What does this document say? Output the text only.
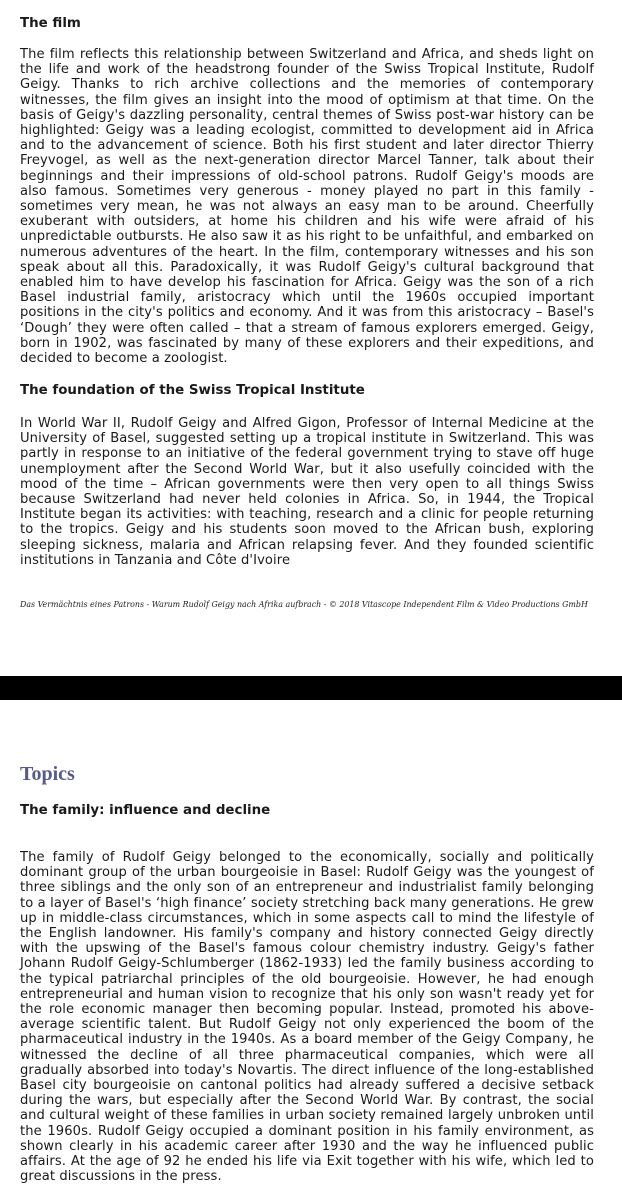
The film

The film reflects this relationship between Switzerland and Africa, and sheds light on the life and work of the headstrong founder of the Swiss Tropical Institute, Rudolf Geigy. Thanks to rich archive collections and the memories of contemporary witnesses, the film gives an insight into the mood of optimism at that time. On the basis of Geigy's dazzling personality, central themes of Swiss post-war history can be highlighted: Geigy was a leading ecologist, committed to development aid in Africa and to the advancement of science. Both his first student and later director Thierry Freyvogel, as well as the next-generation director Marcel Tanner, talk about their beginnings and their impressions of old-school patrons. Rudolf Geigy's moods are also famous. Sometimes very generous - money played no part in this family - sometimes very mean, he was not always an easy man to be around. Cheerfully exuberant with outsiders, at home his children and his wife were afraid of his unpredictable outbursts. He also saw it as his right to be unfaithful, and embarked on numerous adventures of the heart. In the film, contemporary witnesses and his son speak about all this. Paradoxically, it was Rudolf Geigy's cultural background that enabled him to have develop his fascination for Africa. Geigy was the son of a rich Basel industrial family, aristocracy which until the 1960s occupied important positions in the city's politics and economy. And it was from this aristocracy – Basel's ‘Dough’ they were often called – that a stream of famous explorers emerged. Geigy, born in 1902, was fascinated by many of these explorers and their expeditions, and decided to become a zoologist.

The foundation of the Swiss Tropical Institute

In World War II, Rudolf Geigy and Alfred Gigon, Professor of Internal Medicine at the University of Basel, suggested setting up a tropical institute in Switzerland. This was partly in response to an initiative of the federal government trying to stave off huge unemployment after the Second World War, but it also usefully coincided with the mood of the time – African governments were then very open to all things Swiss because Switzerland had never held colonies in Africa. So, in 1944, the Tropical Institute began its activities: with teaching, research and a clinic for people returning to the tropics. Geigy and his students soon moved to the African bush, exploring sleeping sickness, malaria and African relapsing fever. And they founded scientific institutions in Tanzania and Côte d'Ivoire

Das Vermächtnis eines Patrons - Warum Rudolf Geigy nach Afrika aufbrach - © 2018 Vitascope Independent Film & Video Productions GmbH
Topics
The family: influence and decline

The family of Rudolf Geigy belonged to the economically, socially and politically dominant group of the urban bourgeoisie in Basel: Rudolf Geigy was the youngest of three siblings and the only son of an entrepreneur and industrialist family belonging to a layer of Basel's ‘high finance’ society stretching back many generations. He grew up in middle-class circumstances, which in some aspects call to mind the lifestyle of the English landowner. His family's company and history connected Geigy directly with the upswing of the Basel's famous colour chemistry industry. Geigy's father Johann Rudolf Geigy-Schlumberger (1862-1933) led the family business according to the typical patriarchal principles of the old bourgeoisie. However, he had enough entrepreneurial and human vision to recognize that his only son wasn't ready yet for the role economic manager then becoming popular. Instead, promoted his above-average scientific talent. But Rudolf Geigy not only experienced the boom of the pharmaceutical industry in the 1940s. As a board member of the Geigy Company, he witnessed the decline of all three pharmaceutical companies, which were all gradually absorbed into today's Novartis. The direct influence of the long-established Basel city bourgeoisie on cantonal politics had already suffered a decisive setback during the wars, but especially after the Second World War. By contrast, the social and cultural weight of these families in urban society remained largely unbroken until the 1960s. Rudolf Geigy occupied a dominant position in his family environment, as shown clearly in his academic career after 1930 and the way he influenced public affairs. At the age of 92 he ended his life via Exit together with his wife, which led to great discussions in the press.
